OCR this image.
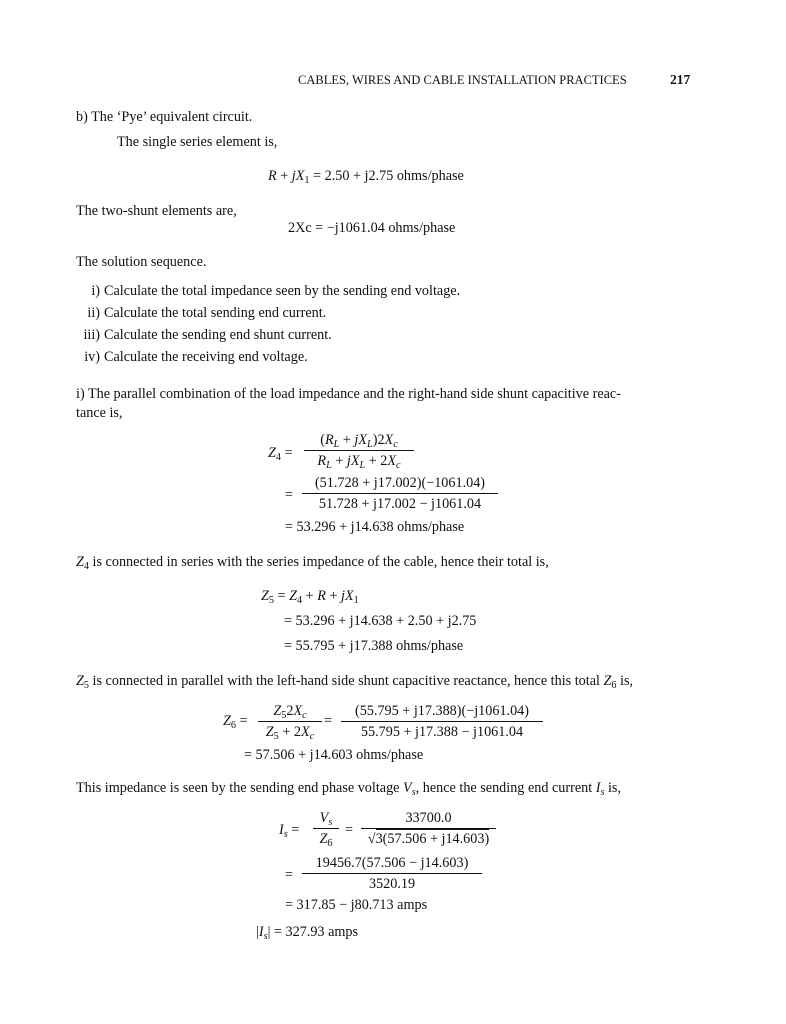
CABLES, WIRES AND CABLE INSTALLATION PRACTICES	217
b) The ‘Pye’ equivalent circuit.
The single series element is,
$R + jX_1 = 2.50 + j2.75$ ohms/phase
The two-shunt elements are,
2Xc = −j1061.04 ohms/phase
The solution sequence.
i) Calculate the total impedance seen by the sending end voltage.
ii) Calculate the total sending end current.
iii) Calculate the sending end shunt current.
iv) Calculate the receiving end voltage.
i) The parallel combination of the load impedance and the right-hand side shunt capacitive reac-
tance is,
$Z_4$ =
$(R_L + jX_L)2X_c$
$R_L + jX_L + 2X_c$
= $\frac{(51.728 + j17.002)(-1061.04)}{51.728 + j17.002 - j1061.04}$
= 53.296 + j14.638 ohms/phase
$Z_4$ is connected in series with the series impedance of the cable, hence their total is,
$Z_5 = Z_4 + R + jX_1$
= 53.296 + j14.638 + 2.50 + j2.75
= 55.795 + j17.388 ohms/phase
$Z_5$ is connected in parallel with the left-hand side shunt capacitive reactance, hence this total $Z_6$ is,
$Z_6 = \frac{Z_52X_c}{Z_5 + 2X_c} = \frac{(55.795 + j17.388)(-j1061.04)}{55.795 + j17.388 - j1061.04}$
= 57.506 + j14.603 ohms/phase
This impedance is seen by the sending end phase voltage $V_s$, hence the sending end current $I_s$ is,
$I_s = \frac{V_s}{Z_6} = \frac{33700.0}{√3(57.506 + j14.603)}$
= $\frac{19456.7(57.506 - j14.603)}{3520.19}$
= 317.85 − j80.713 amps
$|I_s| = 327.93$ amps
